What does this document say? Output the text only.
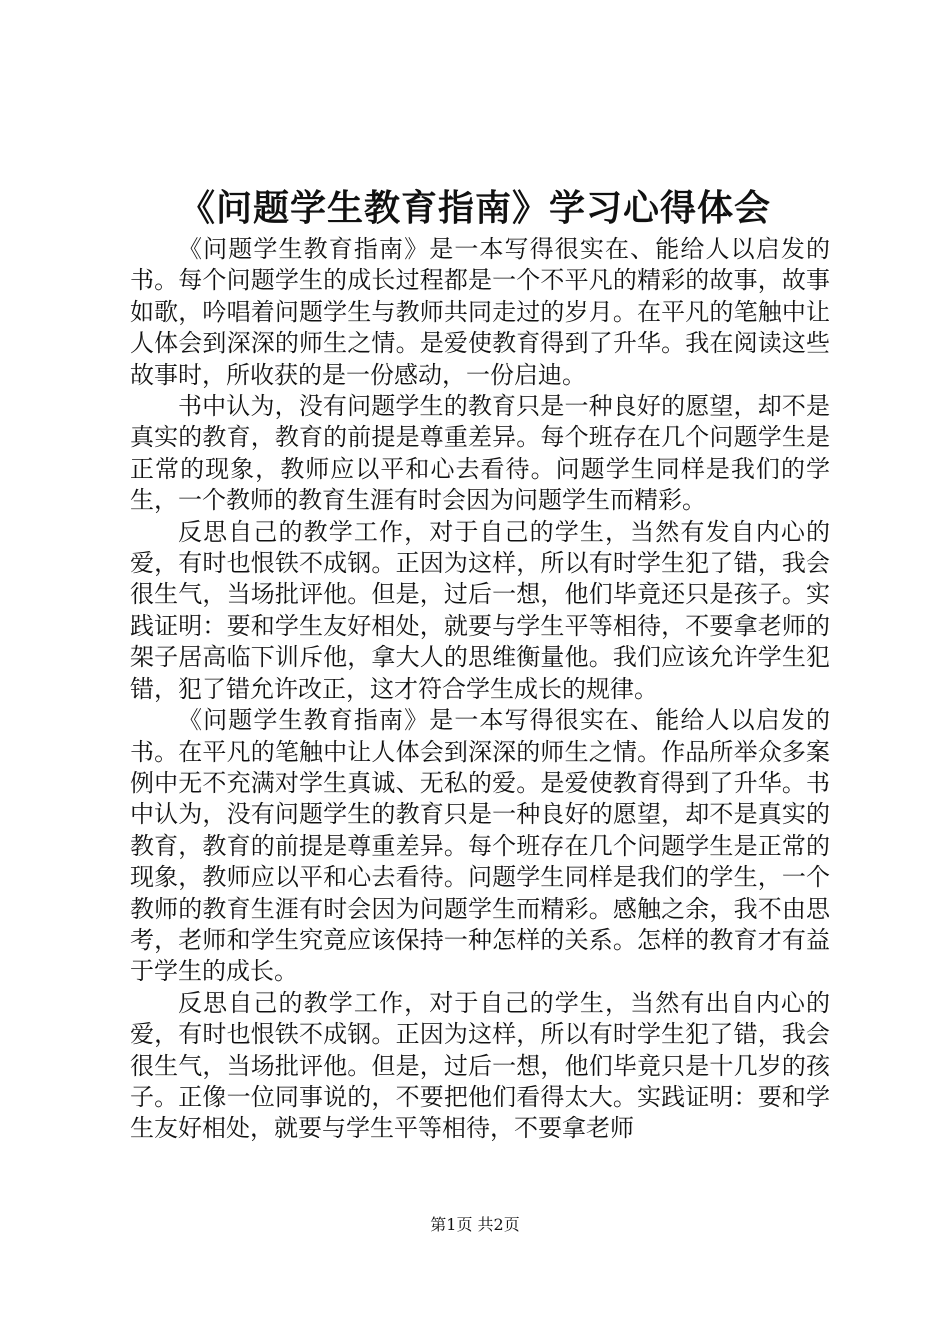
《问题学生教育指南》学习心得体会

《问题学生教育指南》是一本写得很实在、能给人以启发的书。每个问题学生的成长过程都是一个不平凡的精彩的故事，故事如歌，吟唱着问题学生与教师共同走过的岁月。在平凡的笔触中让人体会到深深的师生之情。是爱使教育得到了升华。我在阅读这些故事时，所收获的是一份感动，一份启迪。

书中认为，没有问题学生的教育只是一种良好的愿望，却不是真实的教育，教育的前提是尊重差异。每个班存在几个问题学生是正常的现象，教师应以平和心去看待。问题学生同样是我们的学生，一个教师的教育生涯有时会因为问题学生而精彩。

反思自己的教学工作，对于自己的学生，当然有发自内心的爱，有时也恨铁不成钢。正因为这样，所以有时学生犯了错，我会很生气，当场批评他。但是，过后一想，他们毕竟还只是孩子。实践证明：要和学生友好相处，就要与学生平等相待，不要拿老师的架子居高临下训斥他，拿大人的思维衡量他。我们应该允许学生犯错，犯了错允许改正，这才符合学生成长的规律。

《问题学生教育指南》是一本写得很实在、能给人以启发的书。在平凡的笔触中让人体会到深深的师生之情。作品所举众多案例中无不充满对学生真诚、无私的爱。是爱使教育得到了升华。书中认为，没有问题学生的教育只是一种良好的愿望，却不是真实的教育，教育的前提是尊重差异。每个班存在几个问题学生是正常的现象，教师应以平和心去看待。问题学生同样是我们的学生，一个教师的教育生涯有时会因为问题学生而精彩。感触之余，我不由思考，老师和学生究竟应该保持一种怎样的关系。怎样的教育才有益于学生的成长。

反思自己的教学工作，对于自己的学生，当然有出自内心的爱，有时也恨铁不成钢。正因为这样，所以有时学生犯了错，我会很生气，当场批评他。但是，过后一想，他们毕竟只是十几岁的孩子。正像一位同事说的，不要把他们看得太大。实践证明：要和学生友好相处，就要与学生平等相待，不要拿老师

第1页 共2页
